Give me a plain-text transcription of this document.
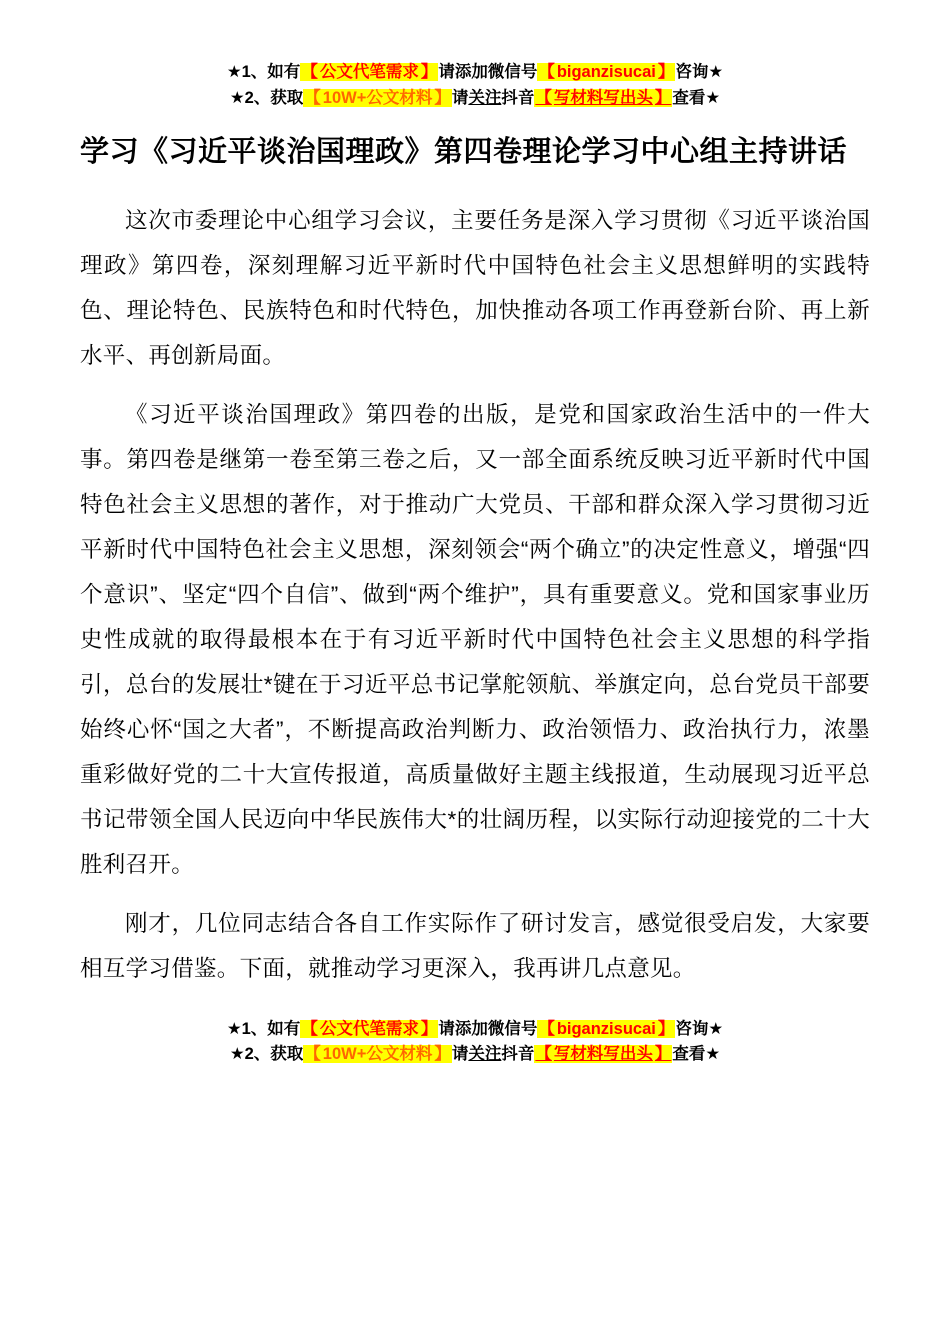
★1、如有【 公文代笔需求 】请添加微信号【 biganzisucai 】咨询★
★2、获取【 10W+公文材料 】请关注抖音【 写材料写出头 】查看★
学习《习近平谈治国理政》第四卷理论学习中心组主持讲话

这次市委理论中心组学习会议，主要任务是深入学习贯彻《习近平谈治国理政》第四卷，深刻理解习近平新时代中国特色社会主义思想鲜明的实践特色、理论特色、民族特色和时代特色，加快推动各项工作再登新台阶、再上新水平、再创新局面。

《习近平谈治国理政》第四卷的出版，是党和国家政治生活中的一件大事。第四卷是继第一卷至第三卷之后，又一部全面系统反映习近平新时代中国特色社会主义思想的著作，对于推动广大党员、干部和群众深入学习贯彻习近平新时代中国特色社会主义思想，深刻领会“两个确立”的决定性意义，增强“四个意识”、坚定“四个自信”、做到“两个维护”，具有重要意义。党和国家事业历史性成就的取得最根本在于有习近平新时代中国特色社会主义思想的科学指引，总台的发展壮*键在于习近平总书记掌舵领航、举旗定向，总台党员干部要始终心怀“国之大者”，不断提高政治判断力、政治领悟力、政治执行力，浓墨重彩做好党的二十大宣传报道，高质量做好主题主线报道，生动展现习近平总书记带领全国人民迈向中华民族伟大*的壮阔历程，以实际行动迎接党的二十大胜利召开。

刚才，几位同志结合各自工作实际作了研讨发言，感觉很受启发，大家要相互学习借鉴。下面，就推动学习更深入，我再讲几点意见。

★1、如有【 公文代笔需求 】请添加微信号【 biganzisucai 】咨询★
★2、获取【 10W+公文材料 】请关注抖音【 写材料写出头 】查看★
